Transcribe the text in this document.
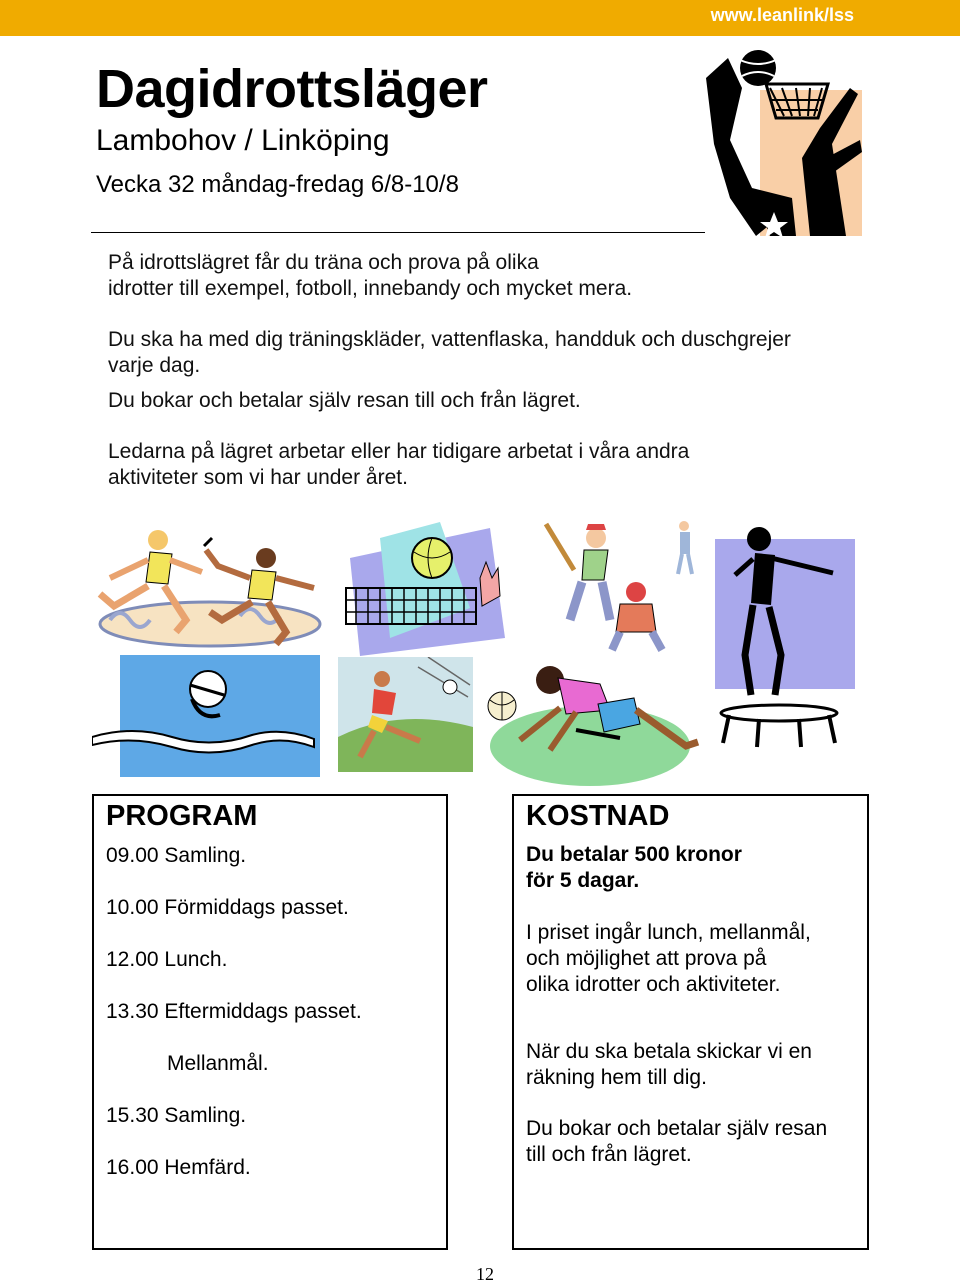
www.leanlink/lss
Dagidrottsläger
Lambohov / Linköping
Vecka 32 måndag-fredag 6/8-10/8
På idrottslägret får du träna och prova på olika
idrotter till exempel, fotboll, innebandy och mycket mera.
Du ska ha med dig träningskläder, vattenflaska, handduk och duschgrejer
varje dag.
Du bokar och betalar själv resan till och från lägret.
Ledarna på lägret arbetar eller har tidigare arbetat i våra andra
aktiviteter som vi har under året.
PROGRAM
09.00 Samling.
10.00 Förmiddags passet.
12.00 Lunch.
13.30 Eftermiddags passet.
Mellanmål.
15.30 Samling.
16.00 Hemfärd.
KOSTNAD
Du betalar 500 kronor
för 5 dagar.
I priset ingår lunch, mellanmål,
och möjlighet att prova på
olika idrotter och aktiviteter.
När du ska betala skickar vi en
räkning hem till dig.
Du bokar och betalar själv resan
till och från lägret.
12
